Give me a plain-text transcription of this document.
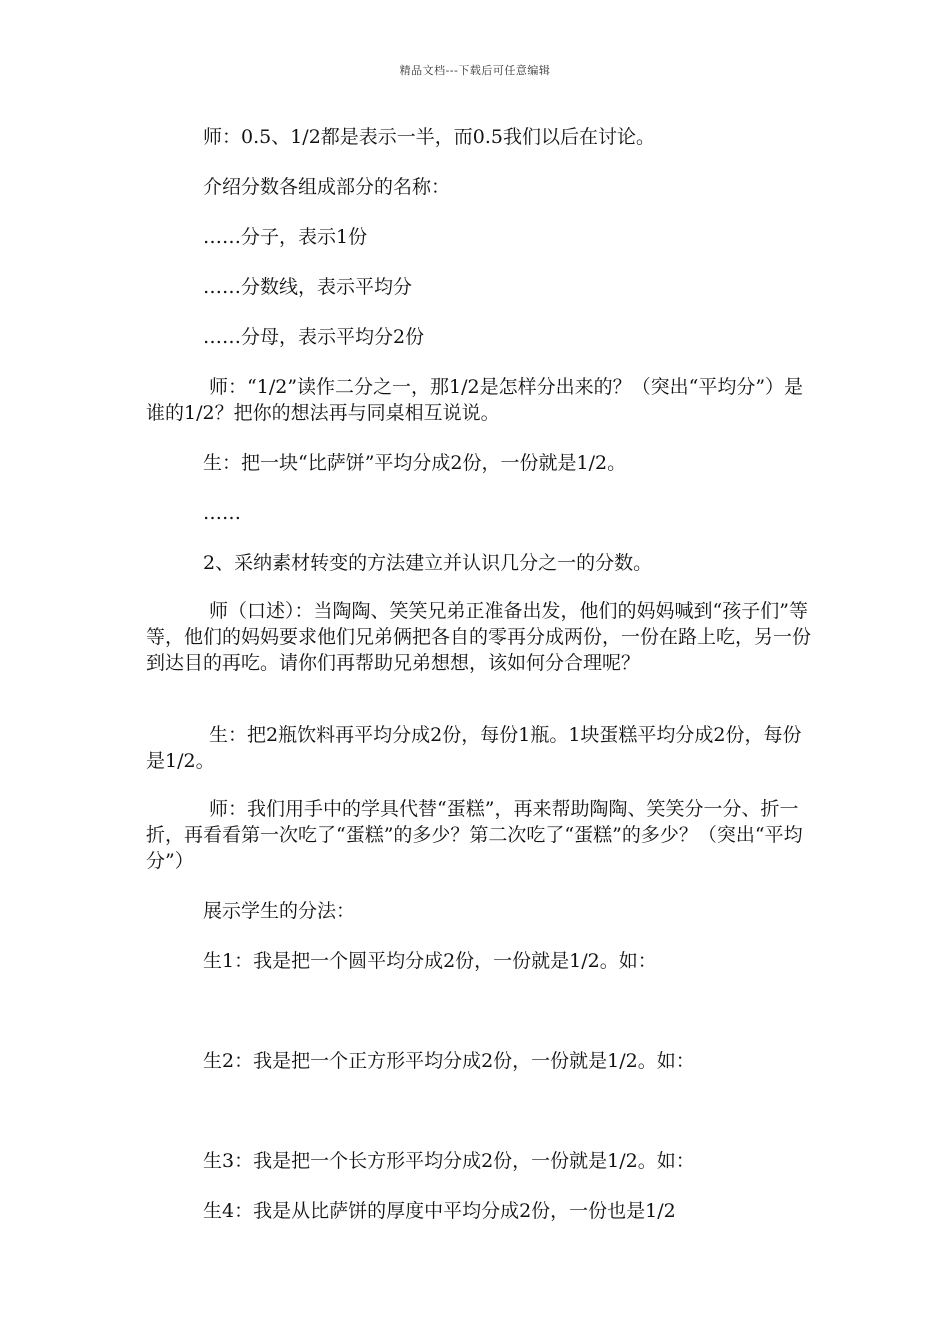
精品文档---下载后可任意编辑
师：0.5、1/2都是表示一半，而0.5我们以后在讨论。
介绍分数各组成部分的名称：
……分子，表示1份
……分数线，表示平均分
……分母，表示平均分2份
师：“1/2”读作二分之一，那1/2是怎样分出来的？（突出“平均分”）是谁的1/2？把你的想法再与同桌相互说说。
生：把一块“比萨饼”平均分成2份，一份就是1/2。
……
2、采纳素材转变的方法建立并认识几分之一的分数。
师（口述）：当陶陶、笑笑兄弟正准备出发，他们的妈妈喊到“孩子们”等等，他们的妈妈要求他们兄弟俩把各自的零再分成两份，一份在路上吃，另一份到达目的再吃。请你们再帮助兄弟想想，该如何分合理呢？
生：把2瓶饮料再平均分成2份，每份1瓶。1块蛋糕平均分成2份，每份是1/2。
师：我们用手中的学具代替“蛋糕”，再来帮助陶陶、笑笑分一分、折一折，再看看第一次吃了“蛋糕”的多少？第二次吃了“蛋糕”的多少？（突出“平均分”）
展示学生的分法：
生1：我是把一个圆平均分成2份，一份就是1/2。如：
生2：我是把一个正方形平均分成2份，一份就是1/2。如：
生3：我是把一个长方形平均分成2份，一份就是1/2。如：
生4：我是从比萨饼的厚度中平均分成2份，一份也是1/2
